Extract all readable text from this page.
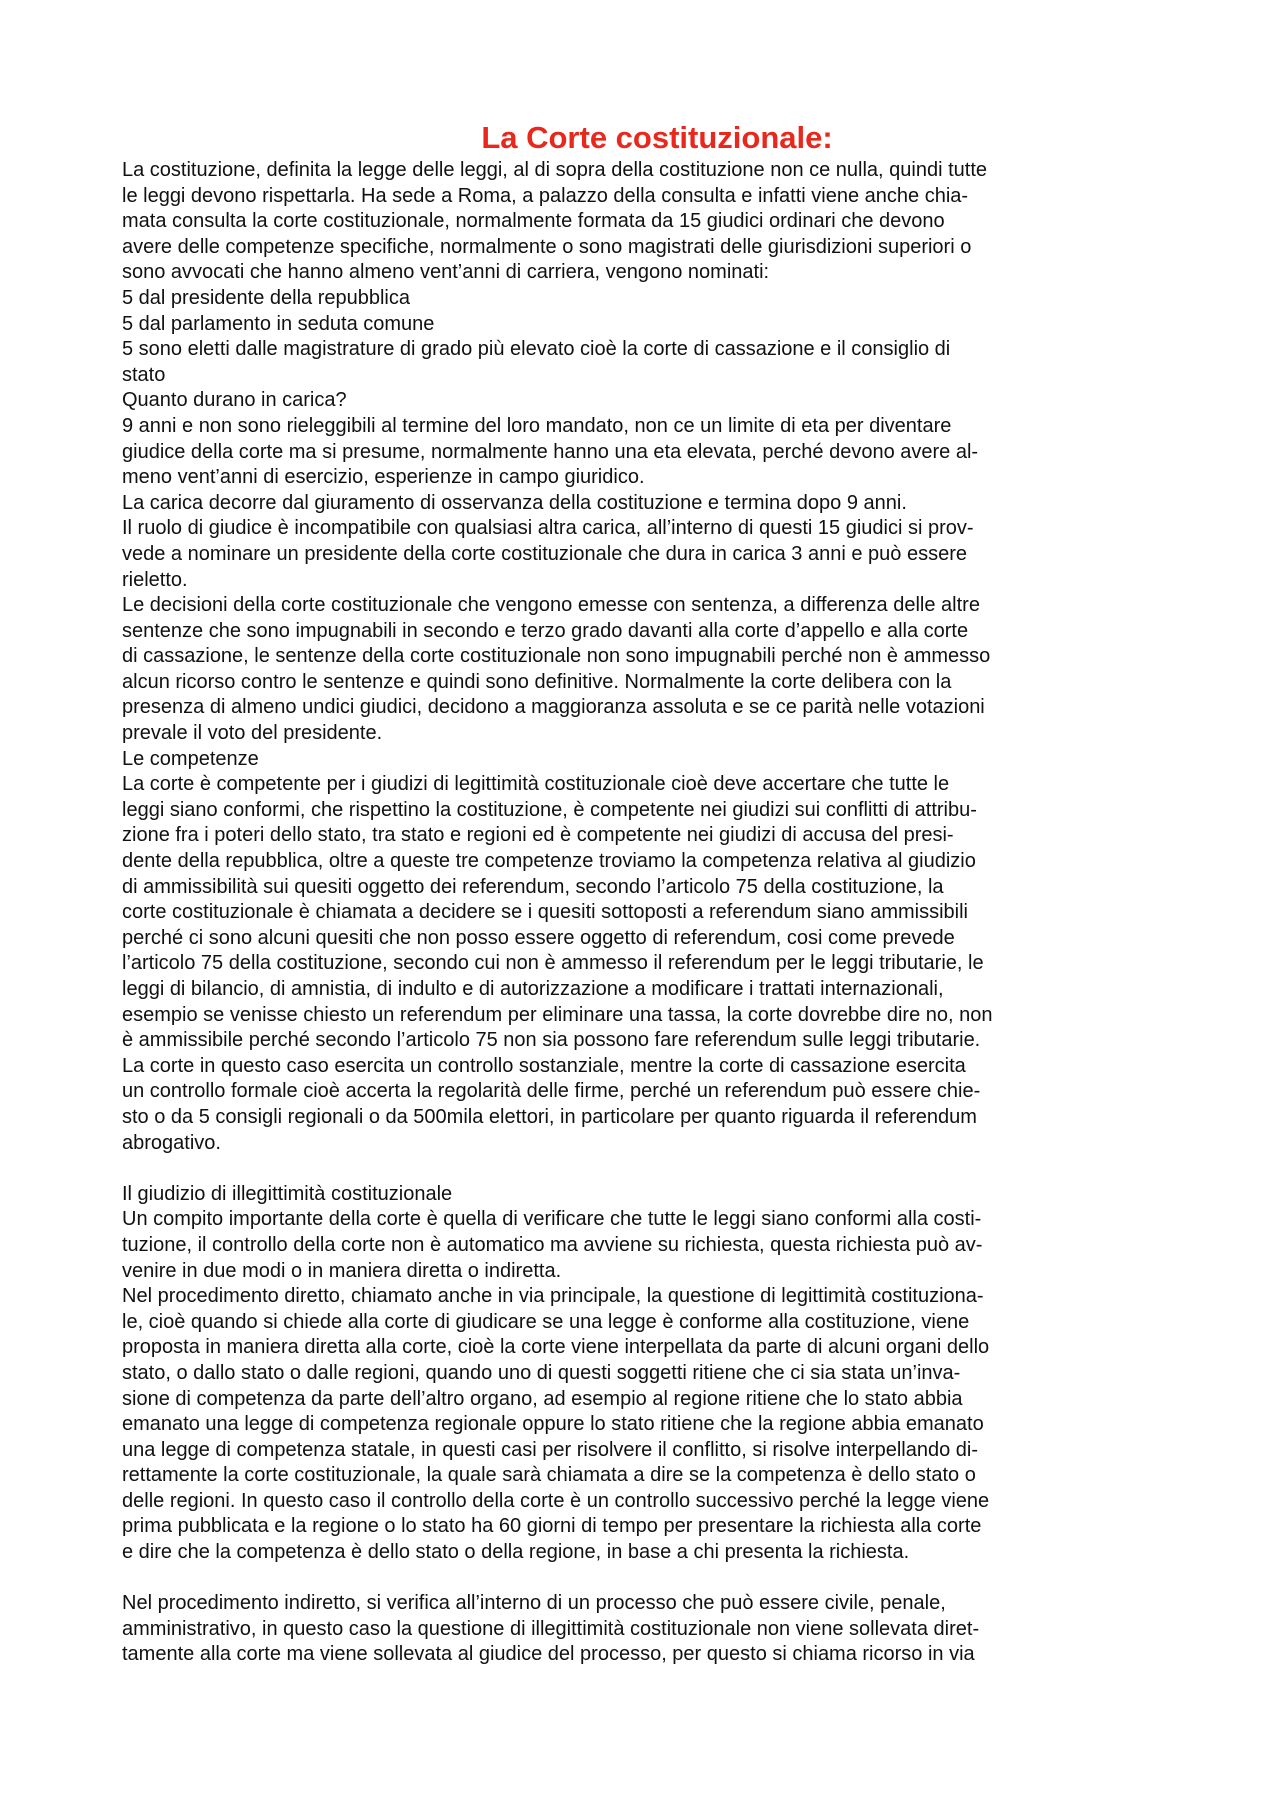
La Corte costituzionale:
La costituzione, definita la legge delle leggi, al di sopra della costituzione non ce nulla, quindi tutte
le leggi devono rispettarla. Ha sede a Roma, a palazzo della consulta e infatti viene anche chia-
mata consulta la corte costituzionale, normalmente formata da 15 giudici ordinari che devono
avere delle competenze specifiche, normalmente o sono magistrati delle giurisdizioni superiori o
sono avvocati che hanno almeno vent’anni di carriera, vengono nominati:
5 dal presidente della repubblica
5 dal parlamento in seduta comune
5 sono eletti dalle magistrature di grado più elevato cioè la corte di cassazione e il consiglio di
stato
Quanto durano in carica?
9 anni e non sono rieleggibili al termine del loro mandato, non ce un limite di eta per diventare
giudice della corte ma si presume, normalmente hanno una eta elevata, perché devono avere al-
meno vent’anni di esercizio, esperienze in campo giuridico.
La carica decorre dal giuramento di osservanza della costituzione e termina dopo 9 anni.
Il ruolo di giudice è incompatibile con qualsiasi altra carica, all’interno di questi 15 giudici si prov-
vede a nominare un presidente della corte costituzionale che dura in carica 3 anni e può essere
rieletto.
Le decisioni della corte costituzionale che vengono emesse con sentenza, a differenza delle altre
sentenze che sono impugnabili in secondo e terzo grado davanti alla corte d’appello e alla corte
di cassazione, le sentenze della corte costituzionale non sono impugnabili perché non è ammesso
alcun ricorso contro le sentenze e quindi sono definitive. Normalmente la corte delibera con la
presenza di almeno undici giudici, decidono a maggioranza assoluta e se ce parità nelle votazioni
prevale il voto del presidente.
Le competenze
La corte è competente per i giudizi di legittimità costituzionale cioè deve accertare che tutte le
leggi siano conformi, che rispettino la costituzione, è competente nei giudizi sui conflitti di attribu-
zione fra i poteri dello stato, tra stato e regioni ed è competente nei giudizi di accusa del presi-
dente della repubblica, oltre a queste tre competenze troviamo la competenza relativa al giudizio
di ammissibilità sui quesiti oggetto dei referendum, secondo l’articolo 75 della costituzione, la
corte costituzionale è chiamata a decidere se i quesiti sottoposti a referendum siano ammissibili
perché ci sono alcuni quesiti che non posso essere oggetto di referendum, cosi come prevede
l’articolo 75 della costituzione, secondo cui non è ammesso il referendum per le leggi tributarie, le
leggi di bilancio, di amnistia, di indulto e di autorizzazione a modificare i trattati internazionali,
esempio se venisse chiesto un referendum per eliminare una tassa, la corte dovrebbe dire no, non
è ammissibile perché secondo l’articolo 75 non sia possono fare referendum sulle leggi tributarie.
La corte in questo caso esercita un controllo sostanziale, mentre la corte di cassazione esercita
un controllo formale cioè accerta la regolarità delle firme, perché un referendum può essere chie-
sto o da 5 consigli regionali o da 500mila elettori, in particolare per quanto riguarda il referendum
abrogativo.
Il giudizio di illegittimità costituzionale
Un compito importante della corte è quella di verificare che tutte le leggi siano conformi alla costi-
tuzione, il controllo della corte non è automatico ma avviene su richiesta, questa richiesta può av-
venire in due modi o in maniera diretta o indiretta.
Nel procedimento diretto, chiamato anche in via principale, la questione di legittimità costituziona-
le, cioè quando si chiede alla corte di giudicare se una legge è conforme alla costituzione, viene
proposta in maniera diretta alla corte, cioè la corte viene interpellata da parte di alcuni organi dello
stato, o dallo stato o dalle regioni, quando uno di questi soggetti ritiene che ci sia stata un’inva-
sione di competenza da parte dell’altro organo, ad esempio al regione ritiene che lo stato abbia
emanato una legge di competenza regionale oppure lo stato ritiene che la regione abbia emanato
una legge di competenza statale, in questi casi per risolvere il conflitto, si risolve interpellando di-
rettamente la corte costituzionale, la quale sarà chiamata a dire se la competenza è dello stato o
delle regioni. In questo caso il controllo della corte è un controllo successivo perché la legge viene
prima pubblicata e la regione o lo stato ha 60 giorni di tempo per presentare la richiesta alla corte
e dire che la competenza è dello stato o della regione, in base a chi presenta la richiesta.
Nel procedimento indiretto, si verifica all’interno di un processo che può essere civile, penale,
amministrativo, in questo caso la questione di illegittimità costituzionale non viene sollevata diret-
tamente alla corte ma viene sollevata al giudice del processo, per questo si chiama ricorso in via
